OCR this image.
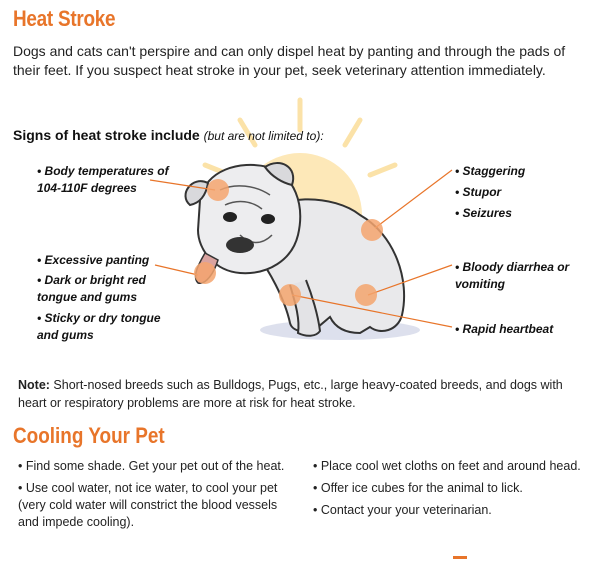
Heat Stroke
Dogs and cats can't perspire and can only dispel heat by panting and through the pads of their feet. If you suspect heat stroke in your pet, seek veterinary attention immediately.
Signs of heat stroke include (but are not limited to):
• Body temperatures of 104-110F degrees
• Excessive panting
• Dark or bright red tongue and gums
• Sticky or dry tongue and gums
• Staggering
• Stupor
• Seizures
• Bloody diarrhea or vomiting
• Rapid heartbeat
Note: Short-nosed breeds such as Bulldogs, Pugs, etc., large heavy-coated breeds, and dogs with heart or respiratory problems are more at risk for heat stroke.
Cooling Your Pet
• Find some shade. Get your pet out of the heat.
• Use cool water, not ice water, to cool your pet (very cold water will constrict the blood vessels and impede cooling).
• Place cool wet cloths on feet and around head.
• Offer ice cubes for the animal to lick.
• Contact your your veterinarian.
